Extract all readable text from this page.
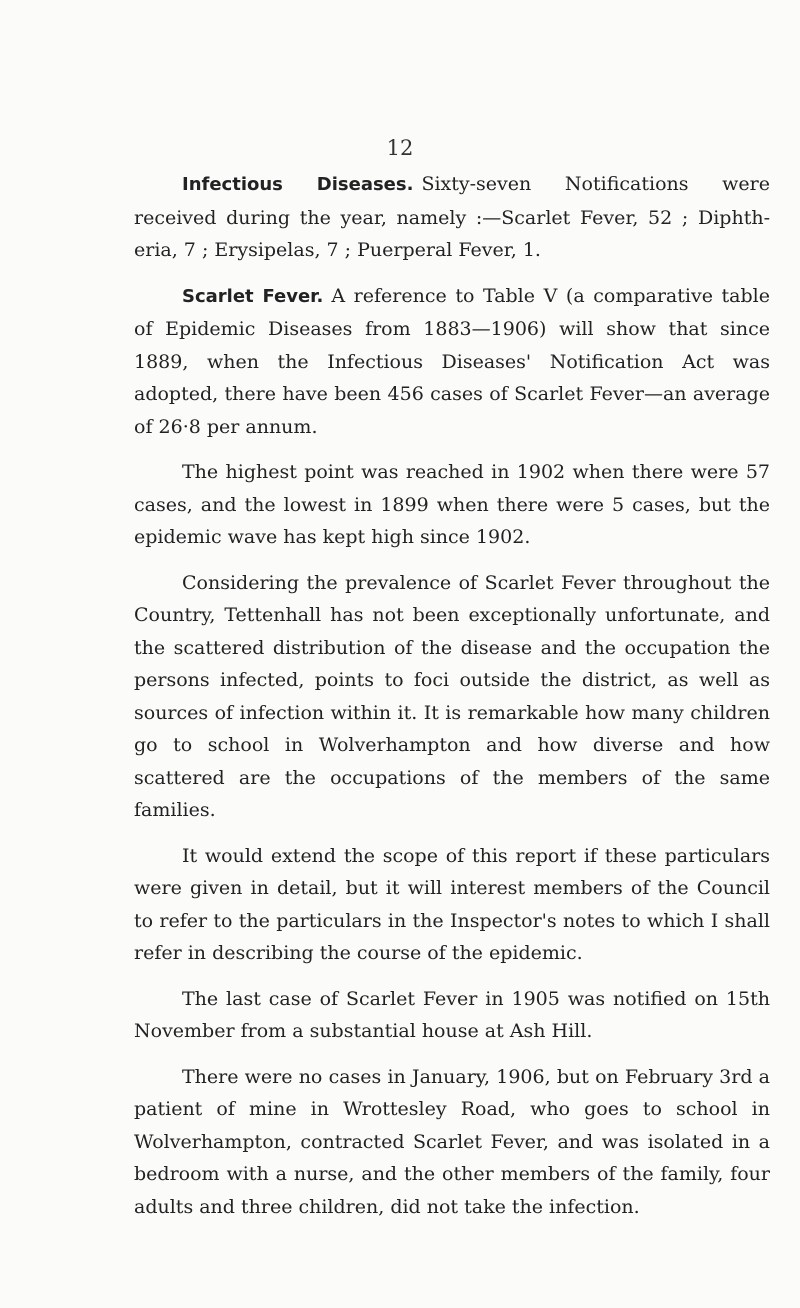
12

Infectious Diseases. Sixty-seven Notifications were received during the year, namely :—Scarlet Fever, 52 ; Diphth- eria, 7 ; Erysipelas, 7 ; Puerperal Fever, 1.

Scarlet Fever. A reference to Table V (a comparative table of Epidemic Diseases from 1883—1906) will show that since 1889, when the Infectious Diseases' Notification Act was adopted, there have been 456 cases of Scarlet Fever—an average of 26·8 per annum.

The highest point was reached in 1902 when there were 57 cases, and the lowest in 1899 when there were 5 cases, but the epidemic wave has kept high since 1902.

Considering the prevalence of Scarlet Fever throughout the Country, Tettenhall has not been exceptionally unfortunate, and the scattered distribution of the disease and the occupation the persons infected, points to foci outside the district, as well as sources of infection within it. It is remarkable how many children go to school in Wolverhampton and how diverse and how scattered are the occupations of the members of the same families.

It would extend the scope of this report if these particulars were given in detail, but it will interest members of the Council to refer to the particulars in the Inspector's notes to which I shall refer in describing the course of the epidemic.

The last case of Scarlet Fever in 1905 was notified on 15th November from a substantial house at Ash Hill.

There were no cases in January, 1906, but on February 3rd a patient of mine in Wrottesley Road, who goes to school in Wolverhampton, contracted Scarlet Fever, and was isolated in a bedroom with a nurse, and the other members of the family, four adults and three children, did not take the infection.
